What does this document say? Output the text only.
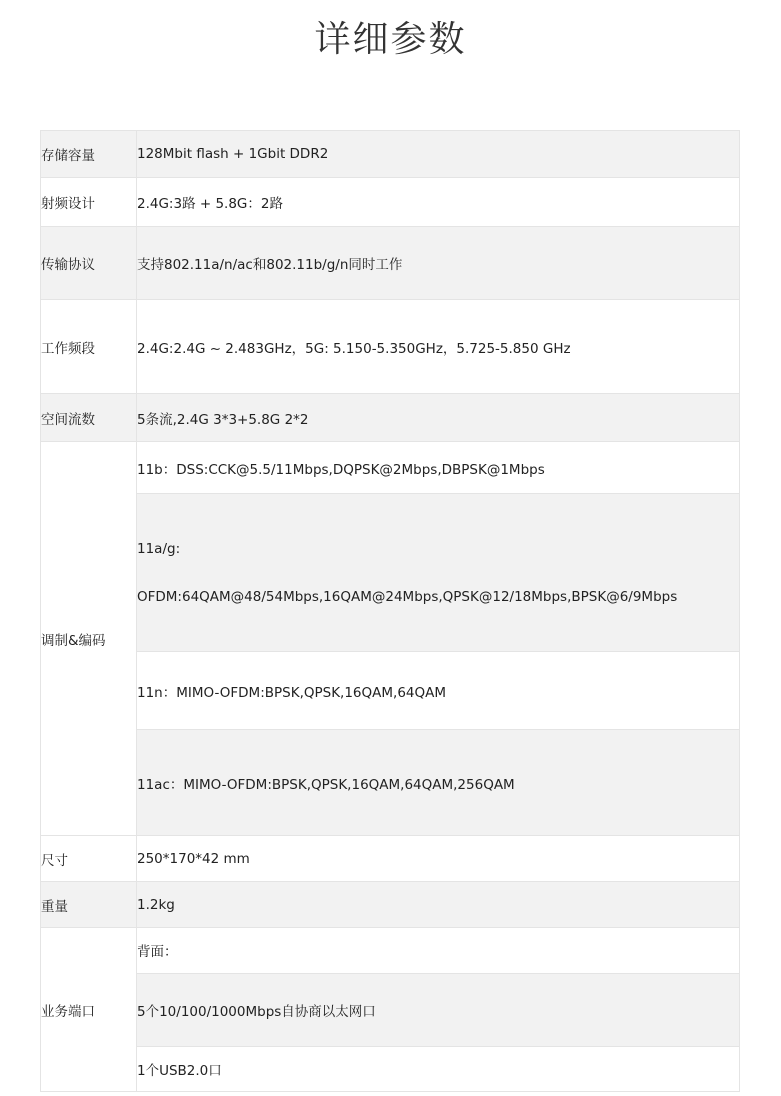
详细参数
存储容量	128Mbit flash + 1Gbit DDR2
射频设计	2.4G:3路 + 5.8G：2路
传输协议	支持802.11a/n/ac和802.11b/g/n同时工作
工作频段	2.4G:2.4G ~ 2.483GHz，5G: 5.150-5.350GHz，5.725-5.850 GHz
空间流数	5条流,2.4G 3*3+5.8G 2*2
调制&编码	11b：DSS:CCK@5.5/11Mbps,DQPSK@2Mbps,DBPSK@1Mbps

	11a/g:
OFDM:64QAM@48/54Mbps,16QAM@24Mbps,QPSK@12/18Mbps,BPSK@6/9Mbps

	11n：MIMO-OFDM:BPSK,QPSK,16QAM,64QAM
	11ac：MIMO-OFDM:BPSK,QPSK,16QAM,64QAM,256QAM
尺寸	250*170*42 mm
重量	1.2kg
业务端口	背面：
	5个10/100/1000Mbps自协商以太网口
	1个USB2.0口
